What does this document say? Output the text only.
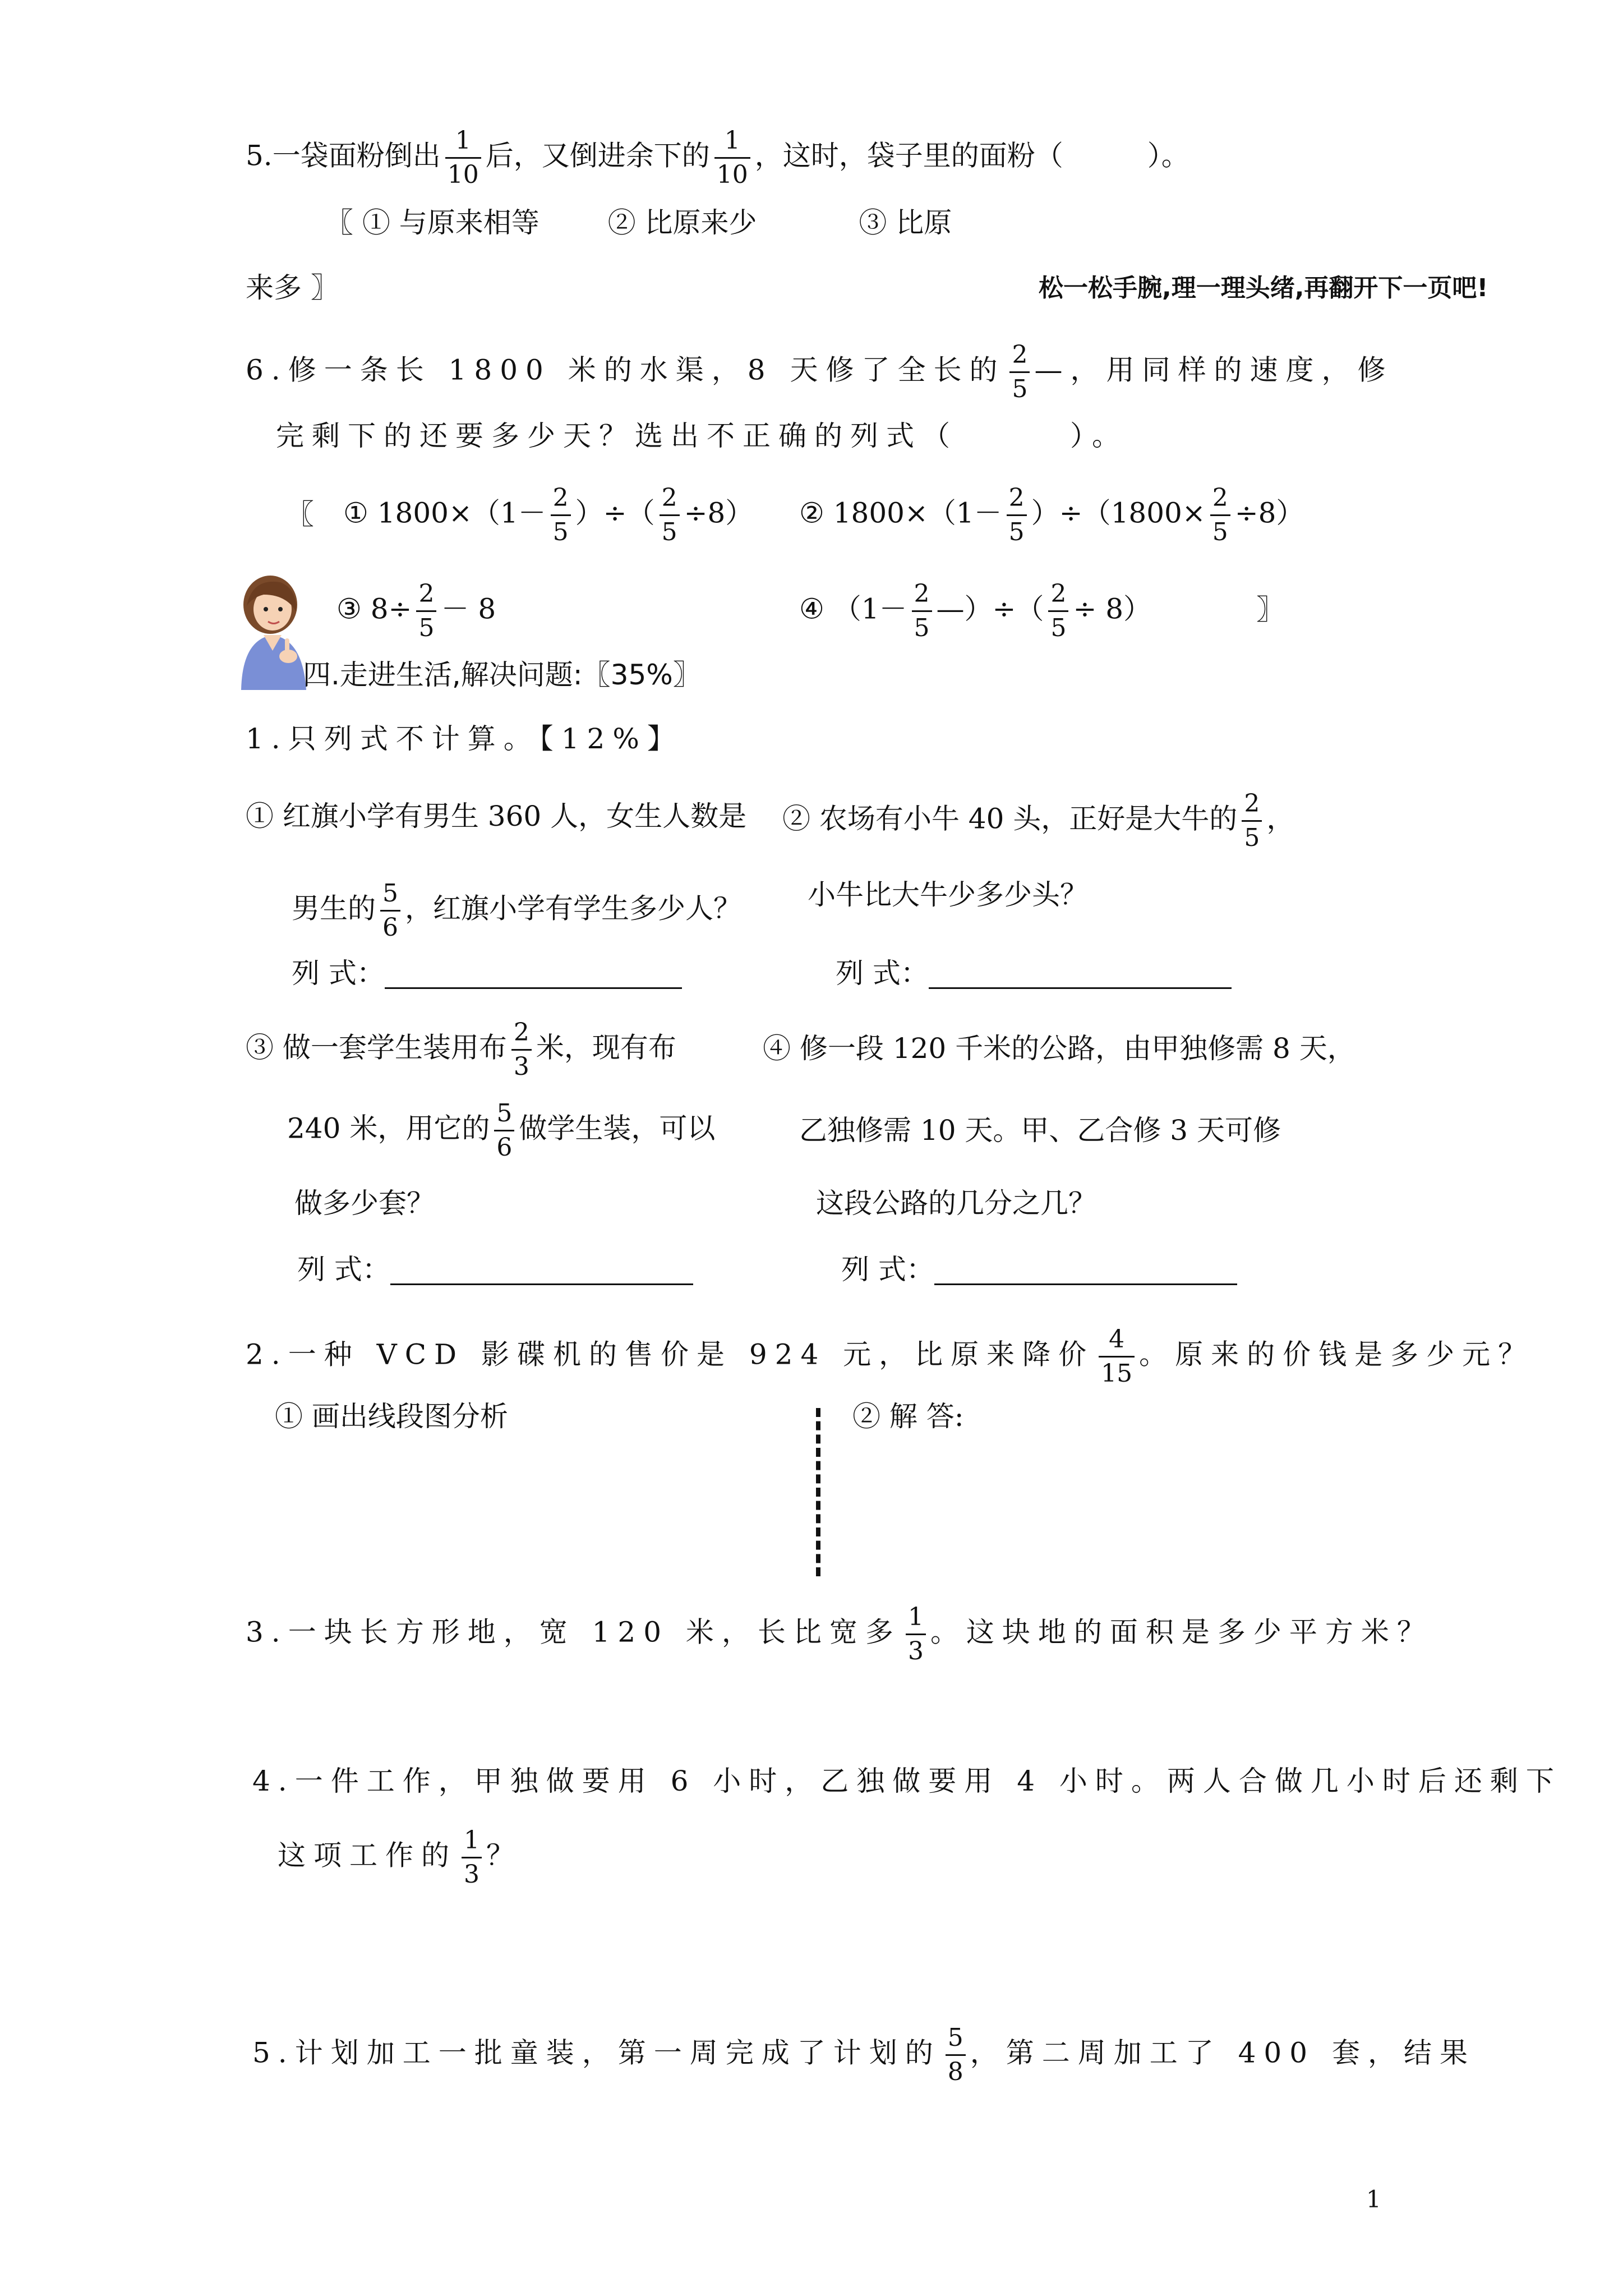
5.一袋面粉倒出 $\frac{1}{10}$ 后，又倒进余下的 $\frac{1}{10}$ ，这时，袋子里的面粉（	）。
〖 ① 与原来相等 ② 比原来少	③ 比原
来多 〗	松一松手腕,理一理头绪,再翻开下一页吧!
6.修一条长 1800 米的水渠，8 天修了全长的 $\frac{2}{5}$ —，用同样的速度，修
完剩下的还要多少天？选出不正确的列式（	）。
〖 ① $1800\times(1- \frac{2}{5}$ ）÷（ $\frac{2}{5} \div 8$） ② $1800\times(1- \frac{2}{5} )\div(1800\times \frac{2}{5} \div 8)$
③ $8\div \frac{2}{5} - 8$	④ （$1- \frac{2}{5}$ —）÷（ $\frac{2}{5} \div 8$）	〗
四.走进生活,解决问题:〖35%〗
1.只列式不计算。【12%】
① 红旗小学有男生 360 人，女生人数是
男生的 $\frac{5}{6}$ ，红旗小学有学生多少人？
列 式：
② 农场有小牛 40 头，正好是大牛的 $\frac{2}{5}$ ，
小牛比大牛少多少头？
列 式：
③ 做一套学生装用布 $\frac{2}{3}$ 米，现有布
240 米，用它的 $\frac{5}{6}$ 做学生装，可以
做多少套？
列 式：
④ 修一段 120 千米的公路，由甲独修需 8 天，
乙独修需 10 天。甲、乙合修 3 天可修
这段公路的几分之几？
列 式：
2.一种 VCD 影碟机的售价是 924 元，比原来降价 $\frac{4}{15}$ 。原来的价钱是多少元？
① 画出线段图分析	② 解 答:
3.一块长方形地，宽 120 米，长比宽多 $\frac{1}{3}$ 。这块地的面积是多少平方米？
4.一件工作，甲独做要用 6 小时，乙独做要用 4 小时。两人合做几小时后还剩下
这项工作的 $\frac{1}{3}$ ？
5.计划加工一批童装，第一周完成了计划的 $\frac{5}{8}$ ，第二周加工了 400 套，结果
1
